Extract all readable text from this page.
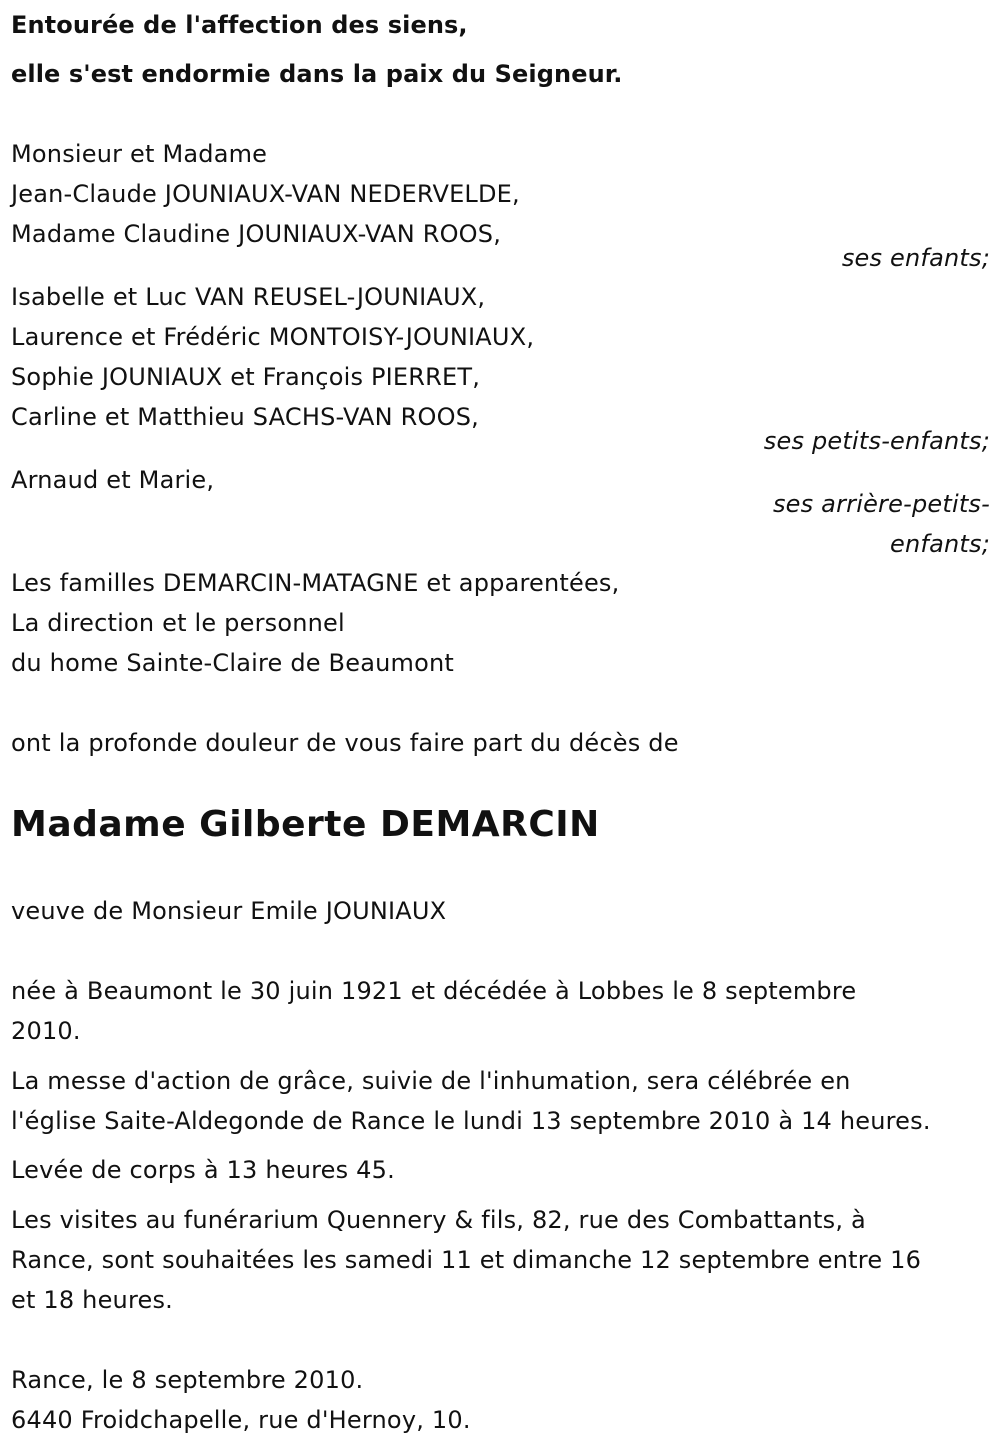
Entourée de l'affection des siens,
elle s'est endormie dans la paix du Seigneur.
Monsieur et Madame
Jean-Claude JOUNIAUX-VAN NEDERVELDE,
Madame Claudine JOUNIAUX-VAN ROOS,
ses enfants;
Isabelle et Luc VAN REUSEL-JOUNIAUX,
Laurence et Frédéric MONTOISY-JOUNIAUX,
Sophie JOUNIAUX et François PIERRET,
Carline et Matthieu SACHS-VAN ROOS,
ses petits-enfants;
Arnaud et Marie,
ses arrière-petits-
enfants;
Les familles DEMARCIN-MATAGNE et apparentées,
La direction et le personnel
du home Sainte-Claire de Beaumont
ont la profonde douleur de vous faire part du décès de
Madame Gilberte DEMARCIN
veuve de Monsieur Emile JOUNIAUX
née à Beaumont le 30 juin 1921 et décédée à Lobbes le 8 septembre
2010.
La messe d'action de grâce, suivie de l'inhumation, sera célébrée en
l'église Saite-Aldegonde de Rance le lundi 13 septembre 2010 à 14 heures.
Levée de corps à 13 heures 45.
Les visites au funérarium Quennery & fils, 82, rue des Combattants, à
Rance, sont souhaitées les samedi 11 et dimanche 12 septembre entre 16
et 18 heures.
Rance, le 8 septembre 2010.
6440 Froidchapelle, rue d'Hernoy, 10.
